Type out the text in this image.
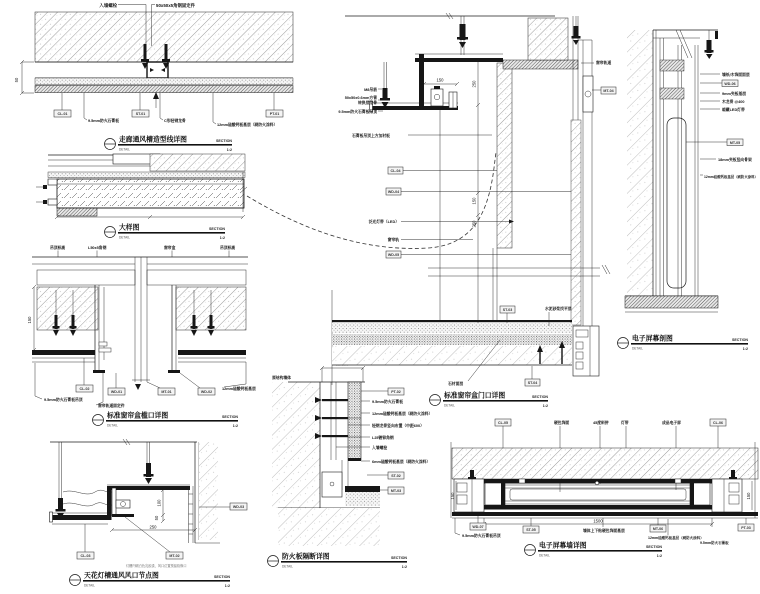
入墙螺栓	50x50x5角钢固定件
50
CL-01
9.5mm防火石膏板
ST-01
C形轻钢龙骨
12mm硅酸钙板基层（刷防火涂料）
PT-01
走廊通风槽造型线详图
DETAIL
SECTION
1:2
大样图
DETAIL
SECTION
1:2
吊顶标高	L50x5角钢	窗帘盒	吊顶标高
150
CL-02
WD-01	MT-01	WD-02
9.5mm防火石膏板吊顶
窗帘轨道固定件
12mm硅酸钙板基层
标准窗帘盒槛口详图
DETAIL
SECTION
1:2
100
50
250
WD-03
CL-03	MT-02
灯槽内刷白色乳胶漆，风口位置预留检修口
天花灯槽通风风口节点图
DETAIL
SECTION
1:2
原结构墙体
PT-02
9.5mm防火石膏板
12mm硅酸钙板基层（刷防火涂料）
轻钢龙骨竖向布置（中距600）
L25镀锌角钢
入墙螺栓
6mm硅酸钙板基层（刷防火涂料）
ST-02
MT-03
防火板隔断详图
DETAIL
SECTION
1:2
150
M8吊筋
50x50x0.6mm方管
转换层龙骨
9.5mm防火石膏板吊顶
石膏板吊顶上方加衬板
CL-04
MT-04
窗帘轨道
250
150
250
WD-04
泛光灯带（LED）
窗帘轨
WD-05
ST-03	水泥砂浆找平层
石材面层	ST-04
标准窗帘盒门口详图
DETAIL
SECTION
1:2
墙纸/木饰面面层
WD-06
9mm夹板基层
木龙骨 @400
暗藏LED灯带
MT-05
18mm夹板竖向骨架
12mm硅酸钙板基层（刷防火涂料）
电子屏幕剖图
DETAIL
SECTION
1:2
CL-05	硬包饰面	45度斜拼	灯带	成品电子屏	CL-06
1500
150	150
WD-07
9.5mm防火石膏板吊顶
ST-05	墙体上下贴硬包饰面基层	MT-06
12mm硅酸钙板基层（刷防火涂料）
PT-03
9.5mm防火石膏板
电子屏幕墙详图
DETAIL
SECTION
1:2
